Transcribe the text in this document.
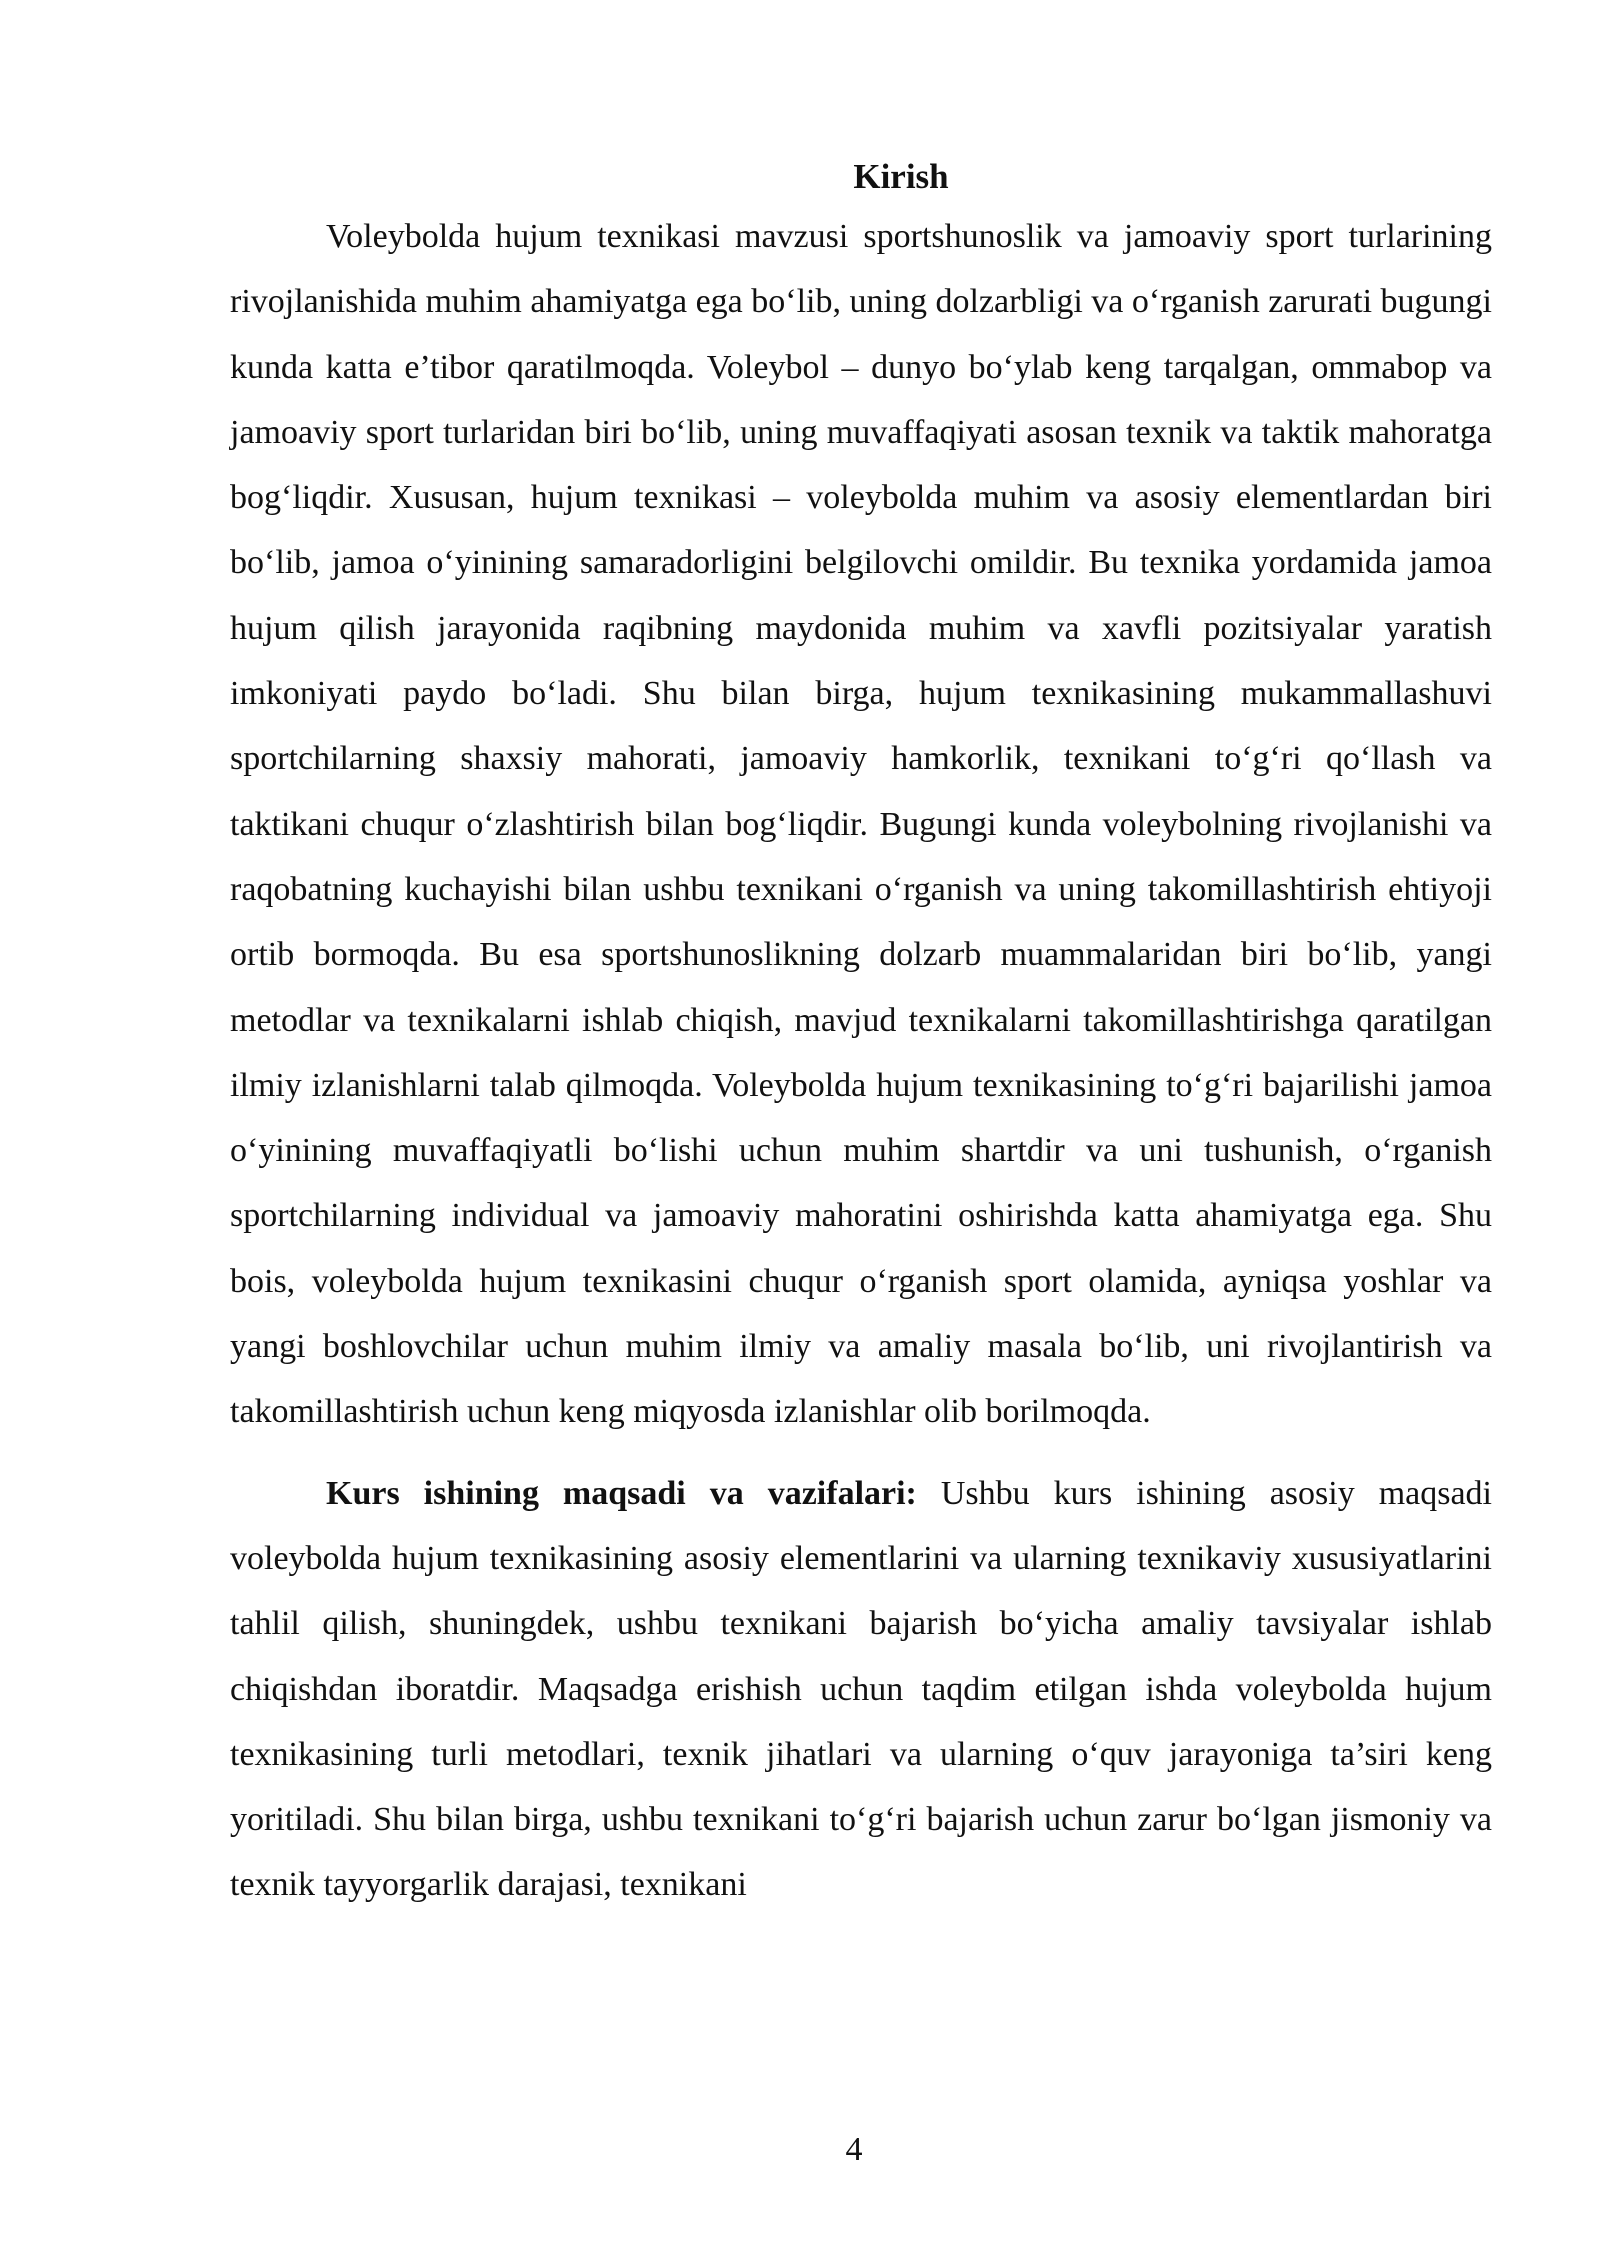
Kirish

Voleybolda hujum texnikasi mavzusi sportshunoslik va jamoaviy sport turlarining rivojlanishida muhim ahamiyatga ega bo‘lib, uning dolzarbligi va o‘rganish zarurati bugungi kunda katta e’tibor qaratilmoqda. Voleybol – dunyo bo‘ylab keng tarqalgan, ommabop va jamoaviy sport turlaridan biri bo‘lib, uning muvaffaqiyati asosan texnik va taktik mahoratga bog‘liqdir. Xususan, hujum texnikasi – voleybolda muhim va asosiy elementlardan biri bo‘lib, jamoa o‘yinining samaradorligini belgilovchi omildir. Bu texnika yordamida jamoa hujum qilish jarayonida raqibning maydonida muhim va xavfli pozitsiyalar yaratish imkoniyati paydo bo‘ladi. Shu bilan birga, hujum texnikasining mukammallashuvi sportchilarning shaxsiy mahorati, jamoaviy hamkorlik, texnikani to‘g‘ri qo‘llash va taktikani chuqur o‘zlashtirish bilan bog‘liqdir. Bugungi kunda voleybolning rivojlanishi va raqobatning kuchayishi bilan ushbu texnikani o‘rganish va uning takomillashtirish ehtiyoji ortib bormoqda. Bu esa sportshunoslikning dolzarb muammalaridan biri bo‘lib, yangi metodlar va texnikalarni ishlab chiqish, mavjud texnikalarni takomillashtirishga qaratilgan ilmiy izlanishlarni talab qilmoqda. Voleybolda hujum texnikasining to‘g‘ri bajarilishi jamoa o‘yinining muvaffaqiyatli bo‘lishi uchun muhim shartdir va uni tushunish, o‘rganish sportchilarning individual va jamoaviy mahoratini oshirishda katta ahamiyatga ega. Shu bois, voleybolda hujum texnikasini chuqur o‘rganish sport olamida, ayniqsa yoshlar va yangi boshlovchilar uchun muhim ilmiy va amaliy masala bo‘lib, uni rivojlantirish va takomillashtirish uchun keng miqyosda izlanishlar olib borilmoqda.

Kurs ishining maqsadi va vazifalari: Ushbu kurs ishining asosiy maqsadi voleybolda hujum texnikasining asosiy elementlarini va ularning texnikaviy xususiyatlarini tahlil qilish, shuningdek, ushbu texnikani bajarish bo‘yicha amaliy tavsiyalar ishlab chiqishdan iboratdir. Maqsadga erishish uchun taqdim etilgan ishda voleybolda hujum texnikasining turli metodlari, texnik jihatlari va ularning o‘quv jarayoniga ta’siri keng yoritiladi. Shu bilan birga, ushbu texnikani to‘g‘ri bajarish uchun zarur bo‘lgan jismoniy va texnik tayyorgarlik darajasi, texnikani

4
